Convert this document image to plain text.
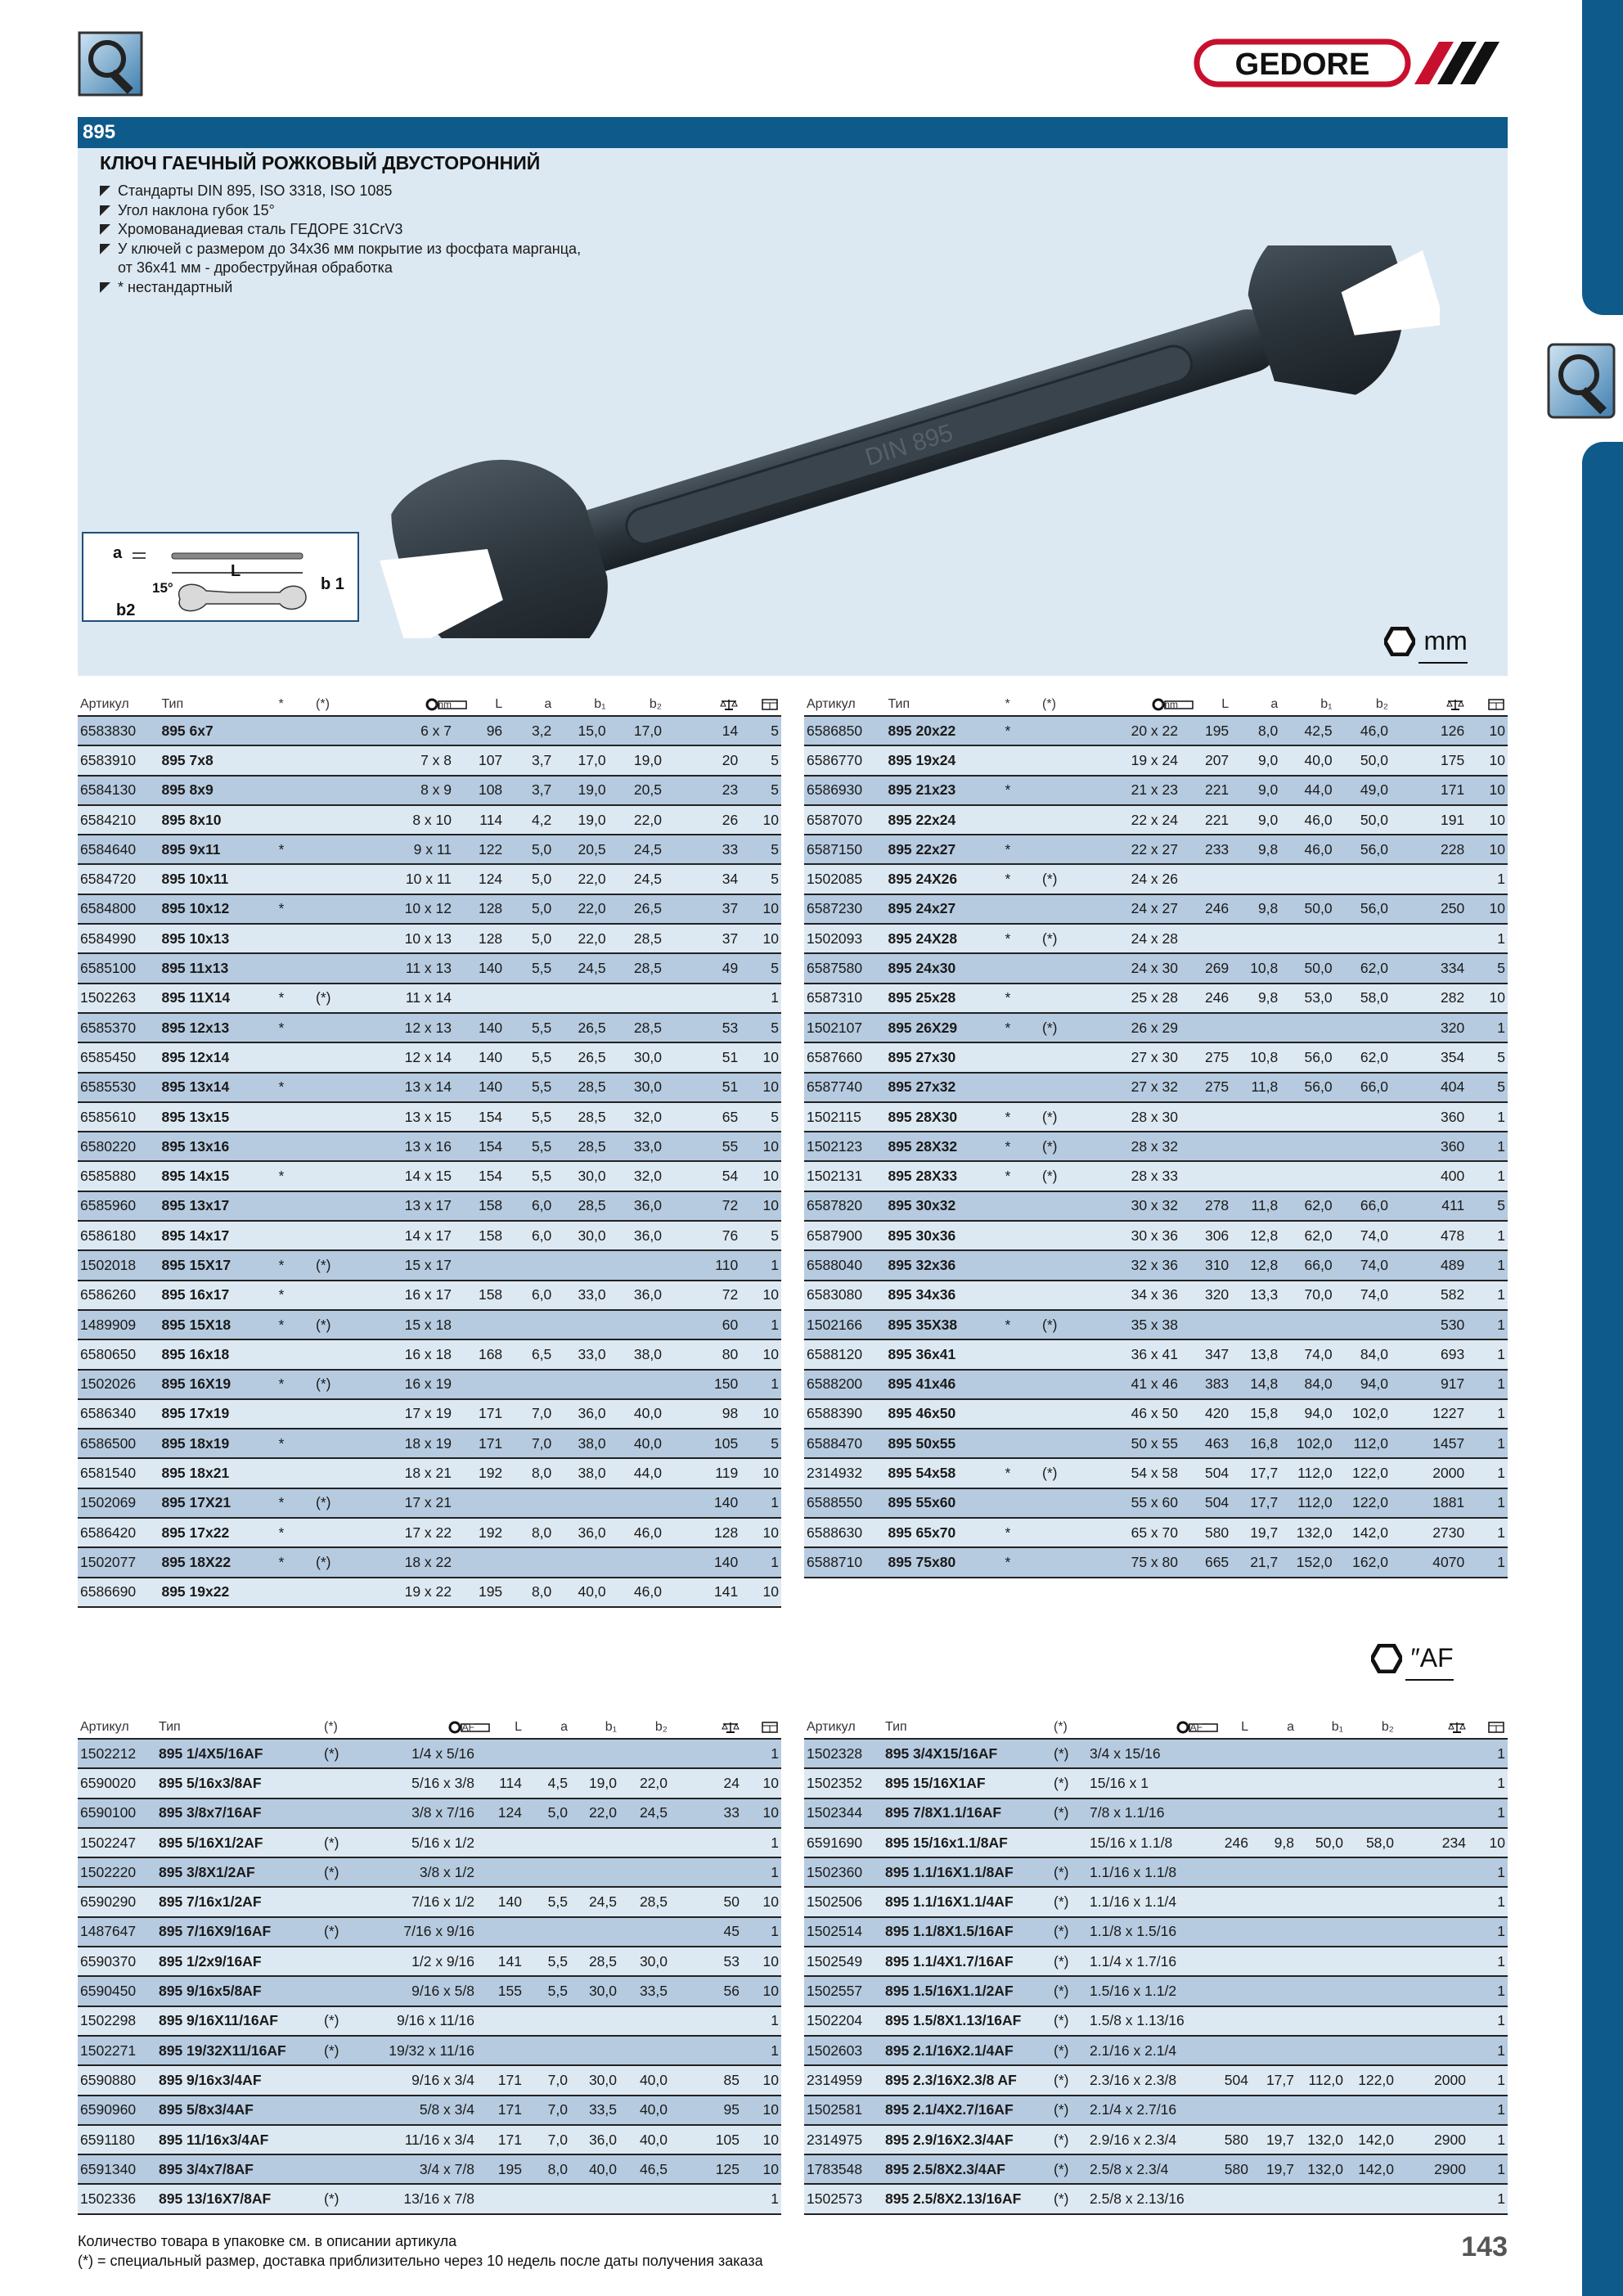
GEDORE
895
КЛЮЧ ГАЕЧНЫЙ РОЖКОВЫЙ ДВУСТОРОННИЙ
Стандарты DIN 895, ISO 3318, ISO 1085
Угол наклона губок 15°
Хромованадиевая сталь ГЕДОРЕ 31CrV3
У ключей с размером до 34x36 мм покрытие из фосфата марганца,
от 36x41 мм - дробеструйная обработка
* нестандартный
DIN 895
a
L
15°	b 1
b2
mm
Артикул	Тип	*	(*)	mm	L	a	b₁	b₂		
6583830	895 6x7			6 x 7	96	3,2	15,0	17,0	14	5
6583910	895 7x8			7 x 8	107	3,7	17,0	19,0	20	5
6584130	895 8x9			8 x 9	108	3,7	19,0	20,5	23	5
6584210	895 8x10			8 x 10	114	4,2	19,0	22,0	26	10
6584640	895 9x11	*		9 x 11	122	5,0	20,5	24,5	33	5
6584720	895 10x11			10 x 11	124	5,0	22,0	24,5	34	5
6584800	895 10x12	*		10 x 12	128	5,0	22,0	26,5	37	10
6584990	895 10x13			10 x 13	128	5,0	22,0	28,5	37	10
6585100	895 11x13			11 x 13	140	5,5	24,5	28,5	49	5
1502263	895 11X14	*	(*)	11 x 14						1
6585370	895 12x13	*		12 x 13	140	5,5	26,5	28,5	53	5
6585450	895 12x14			12 x 14	140	5,5	26,5	30,0	51	10
6585530	895 13x14	*		13 x 14	140	5,5	28,5	30,0	51	10
6585610	895 13x15			13 x 15	154	5,5	28,5	32,0	65	5
6580220	895 13x16			13 x 16	154	5,5	28,5	33,0	55	10
6585880	895 14x15	*		14 x 15	154	5,5	30,0	32,0	54	10
6585960	895 13x17			13 x 17	158	6,0	28,5	36,0	72	10
6586180	895 14x17			14 x 17	158	6,0	30,0	36,0	76	5
1502018	895 15X17	*	(*)	15 x 17					110	1
6586260	895 16x17	*		16 x 17	158	6,0	33,0	36,0	72	10
1489909	895 15X18	*	(*)	15 x 18					60	1
6580650	895 16x18			16 x 18	168	6,5	33,0	38,0	80	10
1502026	895 16X19	*	(*)	16 x 19					150	1
6586340	895 17x19			17 x 19	171	7,0	36,0	40,0	98	10
6586500	895 18x19	*		18 x 19	171	7,0	38,0	40,0	105	5
6581540	895 18x21			18 x 21	192	8,0	38,0	44,0	119	10
1502069	895 17X21	*	(*)	17 x 21					140	1
6586420	895 17x22	*		17 x 22	192	8,0	36,0	46,0	128	10
1502077	895 18X22	*	(*)	18 x 22					140	1
6586690	895 19x22			19 x 22	195	8,0	40,0	46,0	141	10
Артикул	Тип	*	(*)	mm	L	a	b₁	b₂		
6586850	895 20x22	*		20 x 22	195	8,0	42,5	46,0	126	10
6586770	895 19x24			19 x 24	207	9,0	40,0	50,0	175	10
6586930	895 21x23	*		21 x 23	221	9,0	44,0	49,0	171	10
6587070	895 22x24			22 x 24	221	9,0	46,0	50,0	191	10
6587150	895 22x27	*		22 x 27	233	9,8	46,0	56,0	228	10
1502085	895 24X26	*	(*)	24 x 26						1
6587230	895 24x27			24 x 27	246	9,8	50,0	56,0	250	10
1502093	895 24X28	*	(*)	24 x 28						1
6587580	895 24x30			24 x 30	269	10,8	50,0	62,0	334	5
6587310	895 25x28	*		25 x 28	246	9,8	53,0	58,0	282	10
1502107	895 26X29	*	(*)	26 x 29					320	1
6587660	895 27x30			27 x 30	275	10,8	56,0	62,0	354	5
6587740	895 27x32			27 x 32	275	11,8	56,0	66,0	404	5
1502115	895 28X30	*	(*)	28 x 30					360	1
1502123	895 28X32	*	(*)	28 x 32					360	1
1502131	895 28X33	*	(*)	28 x 33					400	1
6587820	895 30x32			30 x 32	278	11,8	62,0	66,0	411	5
6587900	895 30x36			30 x 36	306	12,8	62,0	74,0	478	1
6588040	895 32x36			32 x 36	310	12,8	66,0	74,0	489	1
6583080	895 34x36			34 x 36	320	13,3	70,0	74,0	582	1
1502166	895 35X38	*	(*)	35 x 38					530	1
6588120	895 36x41			36 x 41	347	13,8	74,0	84,0	693	1
6588200	895 41x46			41 x 46	383	14,8	84,0	94,0	917	1
6588390	895 46x50			46 x 50	420	15,8	94,0	102,0	1227	1
6588470	895 50x55			50 x 55	463	16,8	102,0	112,0	1457	1
2314932	895 54x58	*	(*)	54 x 58	504	17,7	112,0	122,0	2000	1
6588550	895 55x60			55 x 60	504	17,7	112,0	122,0	1881	1
6588630	895 65x70	*		65 x 70	580	19,7	132,0	142,0	2730	1
6588710	895 75x80	*		75 x 80	665	21,7	152,0	162,0	4070	1
″AF
Артикул	Тип	(*)	″AF	L	a	b₁	b₂		
1502212	895 1/4X5/16AF	(*)	1/4 x 5/16						1
6590020	895 5/16x3/8AF		5/16 x 3/8	114	4,5	19,0	22,0	24	10
6590100	895 3/8x7/16AF		3/8 x 7/16	124	5,0	22,0	24,5	33	10
1502247	895 5/16X1/2AF	(*)	5/16 x 1/2						1
1502220	895 3/8X1/2AF	(*)	3/8 x 1/2						1
6590290	895 7/16x1/2AF		7/16 x 1/2	140	5,5	24,5	28,5	50	10
1487647	895 7/16X9/16AF	(*)	7/16 x 9/16					45	1
6590370	895 1/2x9/16AF		1/2 x 9/16	141	5,5	28,5	30,0	53	10
6590450	895 9/16x5/8AF		9/16 x 5/8	155	5,5	30,0	33,5	56	10
1502298	895 9/16X11/16AF	(*)	9/16 x 11/16						1
1502271	895 19/32X11/16AF	(*)	19/32 x 11/16						1
6590880	895 9/16x3/4AF		9/16 x 3/4	171	7,0	30,0	40,0	85	10
6590960	895 5/8x3/4AF		5/8 x 3/4	171	7,0	33,5	40,0	95	10
6591180	895 11/16x3/4AF		11/16 x 3/4	171	7,0	36,0	40,0	105	10
6591340	895 3/4x7/8AF		3/4 x 7/8	195	8,0	40,0	46,5	125	10
1502336	895 13/16X7/8AF	(*)	13/16 x 7/8						1
Артикул	Тип	(*)	″AF	L	a	b₁	b₂		
1502328	895 3/4X15/16AF	(*)	3/4 x 15/16						1
1502352	895 15/16X1AF	(*)	15/16 x 1						1
1502344	895 7/8X1.1/16AF	(*)	7/8 x 1.1/16						1
6591690	895 15/16x1.1/8AF		15/16 x 1.1/8	246	9,8	50,0	58,0	234	10
1502360	895 1.1/16X1.1/8AF	(*)	1.1/16 x 1.1/8						1
1502506	895 1.1/16X1.1/4AF	(*)	1.1/16 x 1.1/4						1
1502514	895 1.1/8X1.5/16AF	(*)	1.1/8 x 1.5/16						1
1502549	895 1.1/4X1.7/16AF	(*)	1.1/4 x 1.7/16						1
1502557	895 1.5/16X1.1/2AF	(*)	1.5/16 x 1.1/2						1
1502204	895 1.5/8X1.13/16AF	(*)	1.5/8 x 1.13/16						1
1502603	895 2.1/16X2.1/4AF	(*)	2.1/16 x 2.1/4						1
2314959	895 2.3/16X2.3/8 AF	(*)	2.3/16 x 2.3/8	504	17,7	112,0	122,0	2000	1
1502581	895 2.1/4X2.7/16AF	(*)	2.1/4 x 2.7/16						1
2314975	895 2.9/16X2.3/4AF	(*)	2.9/16 x 2.3/4	580	19,7	132,0	142,0	2900	1
1783548	895 2.5/8X2.3/4AF	(*)	2.5/8 x 2.3/4	580	19,7	132,0	142,0	2900	1
1502573	895 2.5/8X2.13/16AF	(*)	2.5/8 x 2.13/16						1
Количество товара в упаковке см. в описании артикула
(*) = специальный размер, доставка приблизительно через 10 недель после даты получения заказа	143
